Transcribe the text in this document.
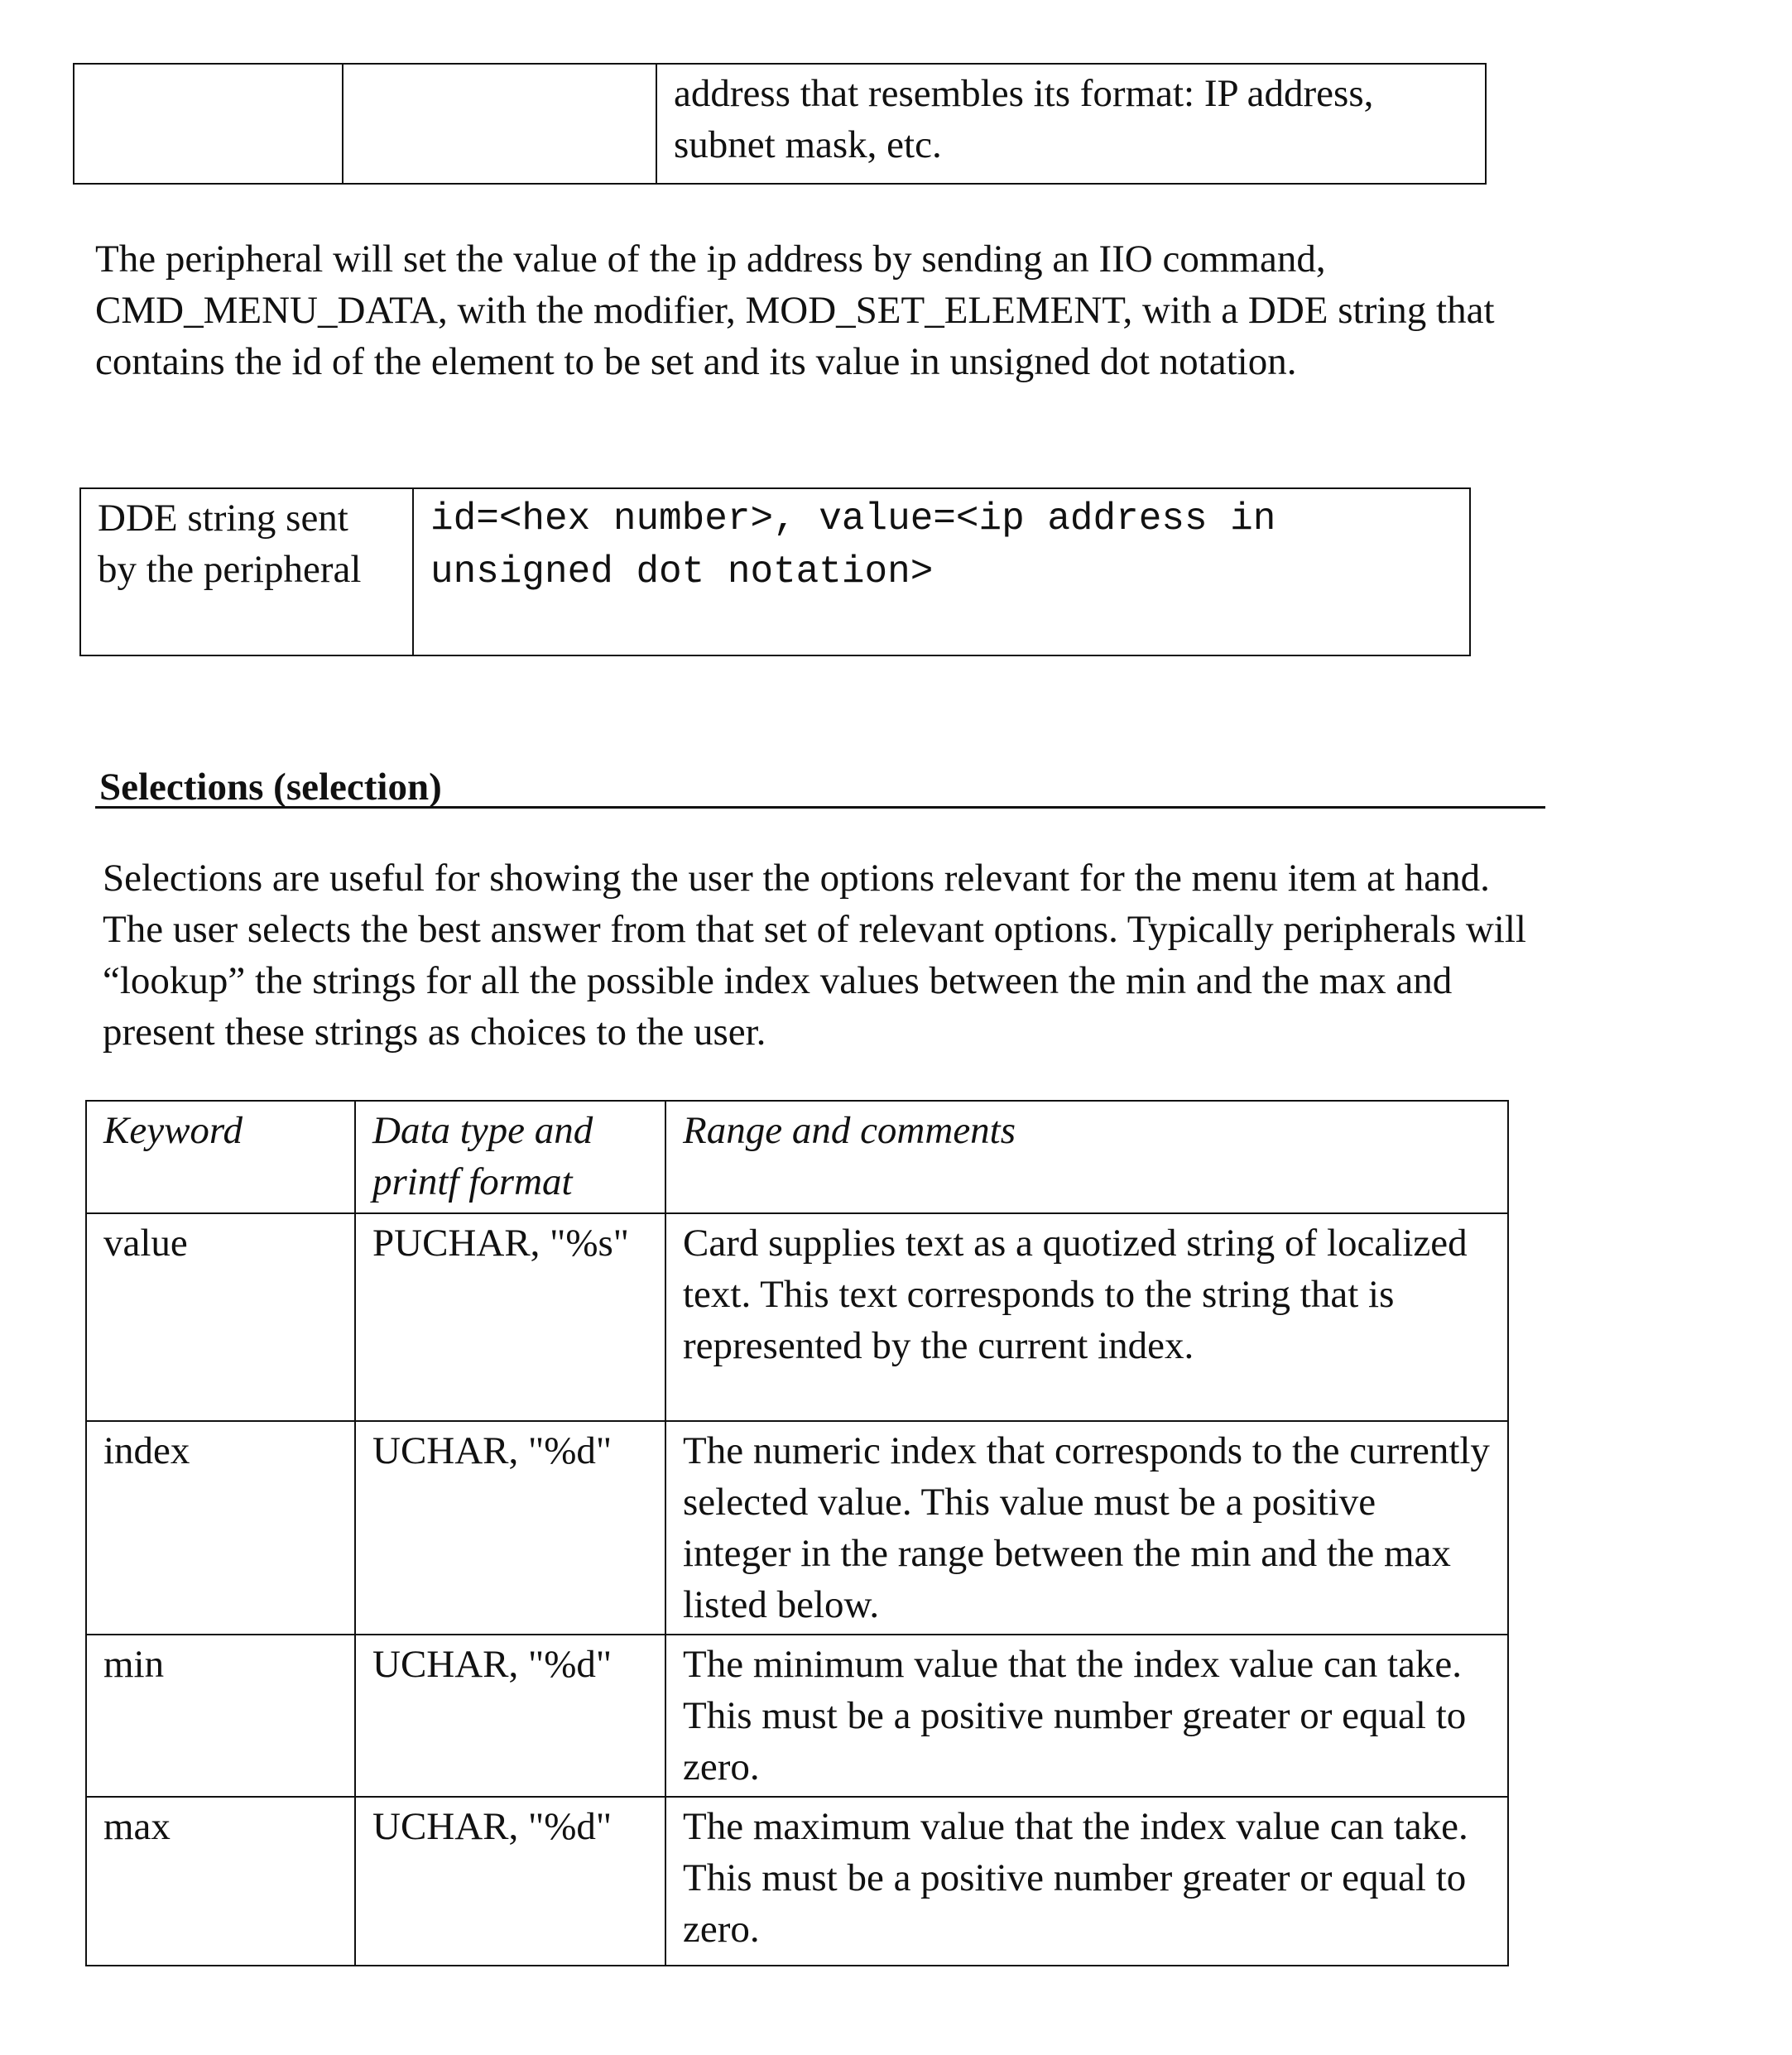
		address that resembles its format: IP address, subnet mask, etc.
The peripheral will set the value of the ip address by sending an IIO command, CMD_MENU_DATA, with the modifier, MOD_SET_ELEMENT, with a DDE string that contains the id of the element to be set and its value in unsigned dot notation.
DDE string sent by the peripheral	id=<hex number>, value=<ip address in unsigned dot notation>
Selections (selection)
Selections are useful for showing the user the options relevant for the menu item at hand. The user selects the best answer from that set of relevant options. Typically peripherals will “lookup” the strings for all the possible index values between the min and the max and present these strings as choices to the user.
Keyword	Data type and printf format	Range and comments
value	PUCHAR, "%s"	Card supplies text as a quotized string of localized text. This text corresponds to the string that is represented by the current index.
index	UCHAR, "%d"	The numeric index that corresponds to the currently selected value. This value must be a positive integer in the range between the min and the max listed below.
min	UCHAR, "%d"	The minimum value that the index value can take. This must be a positive number greater or equal to zero.
max	UCHAR, "%d"	The maximum value that the index value can take. This must be a positive number greater or equal to zero.
